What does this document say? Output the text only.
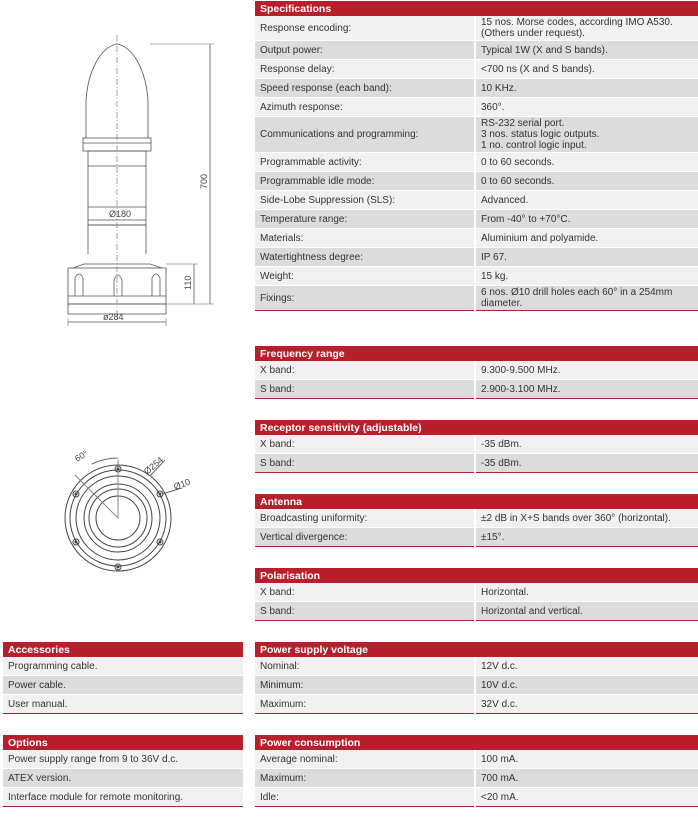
700
110
Ø180
ø284
60°	Ø254
Ø10
Specifications	
Response encoding:	15 nos. Morse codes, according IMO A530.
(Others under request).
Output power:	Typical 1W (X and S bands).
Response delay:	<700 ns (X and S bands).
Speed response (each band):	10 KHz.
Azimuth response:	360°.
Communications and programming:	RS-232 serial port.
3 nos. status logic outputs.
1 no. control logic input.
Programmable activity:	0 to 60 seconds.
Programmable idle mode:	0 to 60 seconds.
Side-Lobe Suppression (SLS):	Advanced.
Temperature range:	From -40° to +70°C.
Materials:	Aluminium and polyamide.
Watertightness degree:	IP 67.
Weight:	15 kg.
Fixings:	6 nos. Ø10 drill holes each 60° in a 254mm diameter.
Frequency range	
X band:	9.300-9.500 MHz.
S band:	2.900-3.100 MHz.
Receptor sensitivity (adjustable)	
X band:	-35 dBm.
S band:	-35 dBm.
Antenna	
Broadcasting uniformity:	±2 dB in X+S bands over 360° (horizontal).
Vertical divergence:	±15°.
Polarisation	
X band:	Horizontal.
S band:	Horizontal and vertical.
Power supply voltage	
Nominal:	12V d.c.
Minimum:	10V d.c.
Maximum:	32V d.c.
Power consumption	
Average nominal:	100 mA.
Maximum:	700 mA.
Idle:	<20 mA.
Accessories
Programming cable.
Power cable.
User manual.
Options
Power supply range from 9 to 36V d.c.
ATEX version.
Interface module for remote monitoring.
